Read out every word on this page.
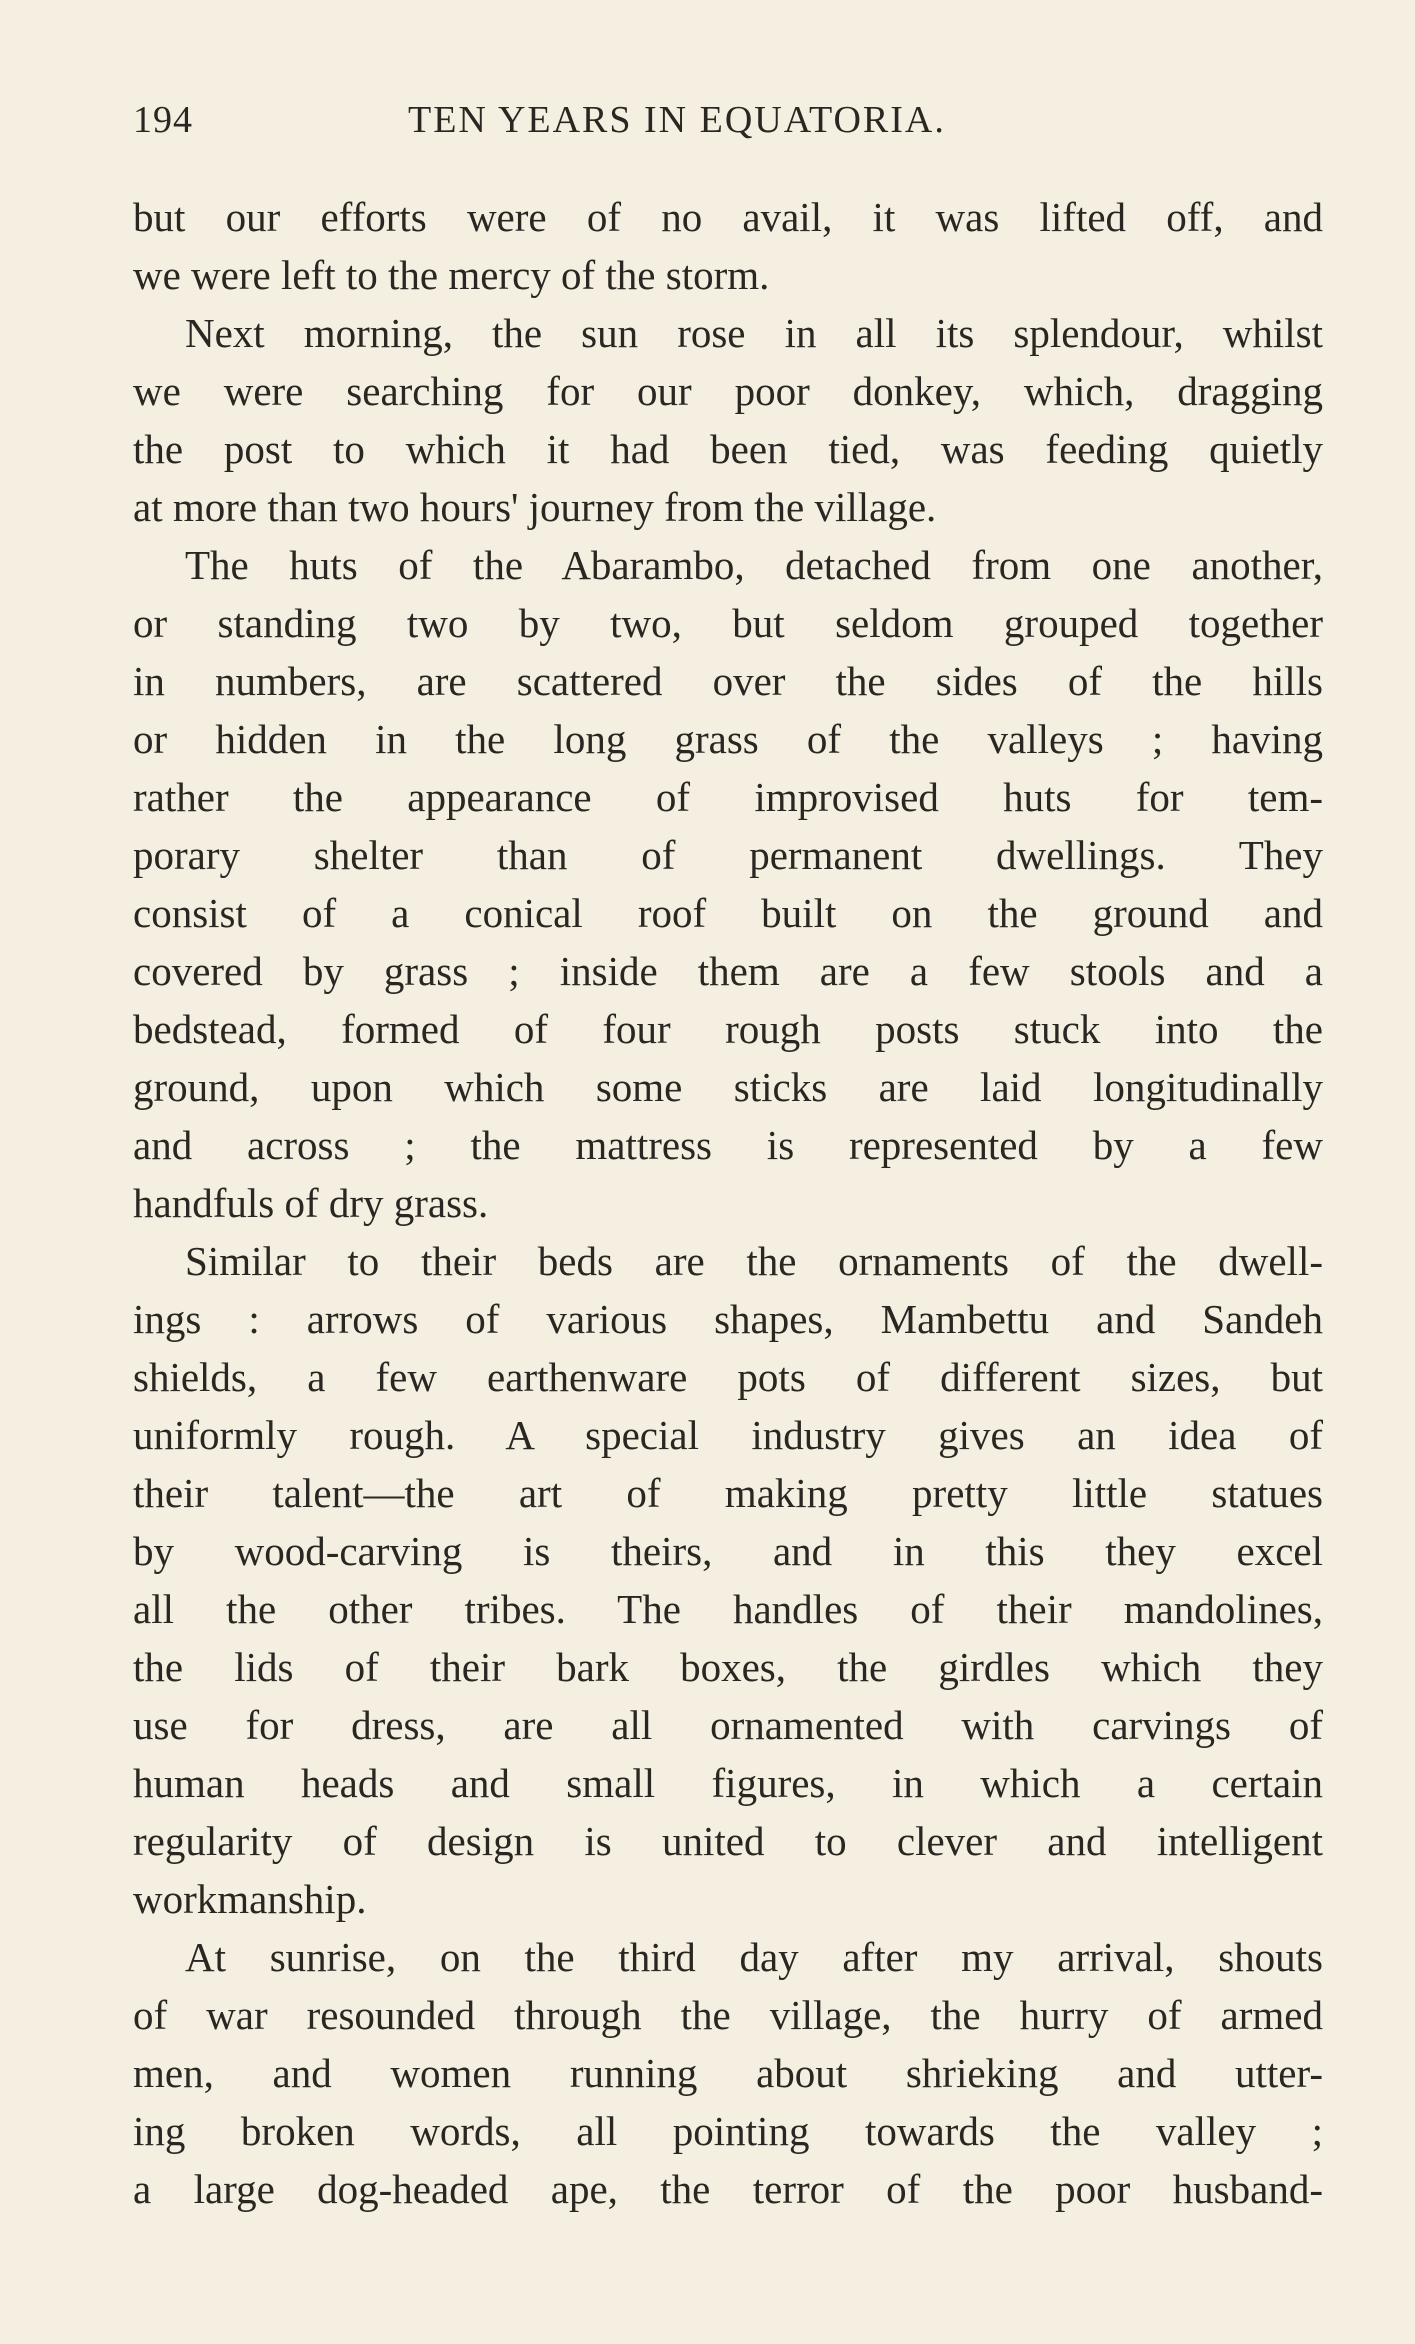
194	TEN YEARS IN EQUATORIA.
but our efforts were of no avail, it was lifted off, and
we were left to the mercy of the storm.
Next morning, the sun rose in all its splendour, whilst
we were searching for our poor donkey, which, dragging
the post to which it had been tied, was feeding quietly
at more than two hours' journey from the village.
The huts of the Abarambo, detached from one another,
or standing two by two, but seldom grouped together
in numbers, are scattered over the sides of the hills
or hidden in the long grass of the valleys ; having
rather the appearance of improvised huts for tem-
porary shelter than of permanent dwellings. They
consist of a conical roof built on the ground and
covered by grass ; inside them are a few stools and a
bedstead, formed of four rough posts stuck into the
ground, upon which some sticks are laid longitudinally
and across ; the mattress is represented by a few
handfuls of dry grass.
Similar to their beds are the ornaments of the dwell-
ings : arrows of various shapes, Mambettu and Sandeh
shields, a few earthenware pots of different sizes, but
uniformly rough. A special industry gives an idea of
their talent—the art of making pretty little statues
by wood-carving is theirs, and in this they excel
all the other tribes. The handles of their mandolines,
the lids of their bark boxes, the girdles which they
use for dress, are all ornamented with carvings of
human heads and small figures, in which a certain
regularity of design is united to clever and intelligent
workmanship.
At sunrise, on the third day after my arrival, shouts
of war resounded through the village, the hurry of armed
men, and women running about shrieking and utter-
ing broken words, all pointing towards the valley ;
a large dog-headed ape, the terror of the poor husband-
